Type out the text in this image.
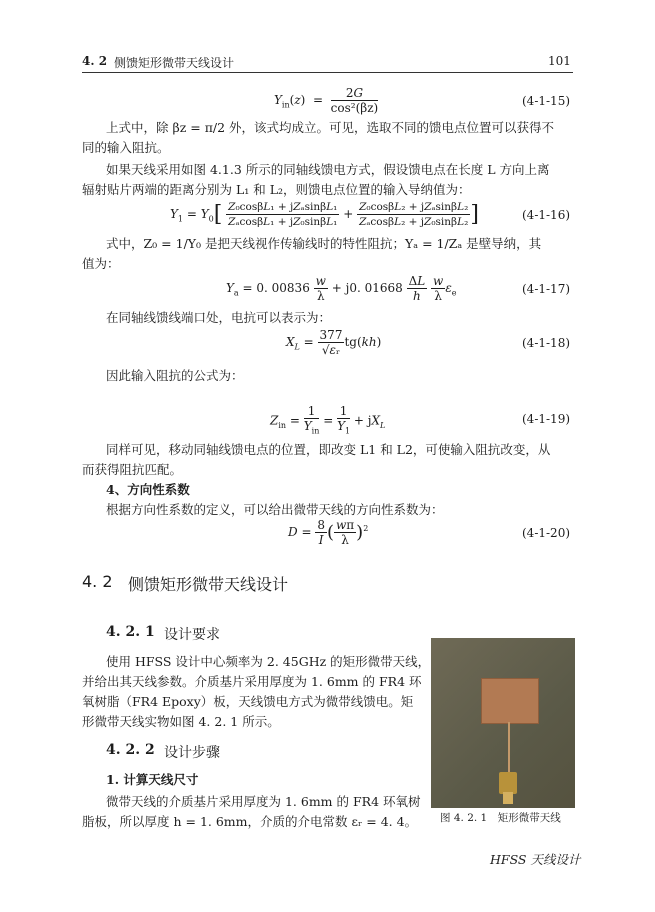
4. 2 侧馈矩形微带天线设计	101
$Y_{in}(z) = \frac{2G}{\text{cos²(βz)}}$	(4-1-15)
上式中，除 βz = π/2 外，该式均成立。可见，选取不同的馈电点位置可以获得不
同的输入阻抗。
如果天线采用如图 4.1.3 所示的同轴线馈电方式，假设馈电点在长度 L 方向上离
辐射贴片两端的距离分别为 L₁ 和 L₂，则馈电点位置的输入导纳值为：
$Y_1 = Y_0[ \frac{\text{Z₀cosβL₁ + jZₐsinβL₁}}{\text{ZₐcosβL₁ + jZ₀sinβL₁}} + \frac{\text{Z₀cosβL₂ + jZₐsinβL₂}}{\text{ZₐcosβL₂ + jZ₀sinβL₂}}$ ]	(4-1-16)
式中，Z₀ = 1/Y₀ 是把天线视作传输线时的特性阻抗；Yₐ = 1/Zₐ 是壁导纳，其
值为：
$Y_a = 0$. $00836 \frac{w}{\lambda} + j0$. $01668 \frac{\Delta L}{h}$
$\frac{w}{\lambda} \varepsilon_e$	(4-1-17)
在同轴线馈线端口处，电抗可以表示为：
$X_L = \frac{377}{\text{√εᵣ}} tg(kh)$	(4-1-18)
因此输入阻抗的公式为：
$Z_{in} = \frac{1}{Y_{in}} = \frac{1}{Y_1} + jX_L$	(4-1-19)
同样可见，移动同轴线馈电点的位置，即改变 L1 和 L2，可使输入阻抗改变，从
而获得阻抗匹配。
4、方向性系数
根据方向性系数的定义，可以给出微带天线的方向性系数为：
$D = \frac{8}{I}$ ( $\frac{w\pi}{\lambda} )^2$	(4-1-20)
4. 2 侧馈矩形微带天线设计
4. 2. 1 设计要求
使用 HFSS 设计中心频率为 2. 45GHz 的矩形微带天线，
并给出其天线参数。介质基片采用厚度为 1. 6mm 的 FR4 环
氧树脂（FR4 Epoxy）板，天线馈电方式为微带线馈电。矩
形微带天线实物如图 4. 2. 1 所示。
4. 2. 2 设计步骤
1. 计算天线尺寸
微带天线的介质基片采用厚度为 1. 6mm 的 FR4 环氧树
脂板，所以厚度 h = 1. 6mm，介质的介电常数 εᵣ = 4. 4。 图 4. 2. 1　矩形微带天线
HFSS 天线设计
